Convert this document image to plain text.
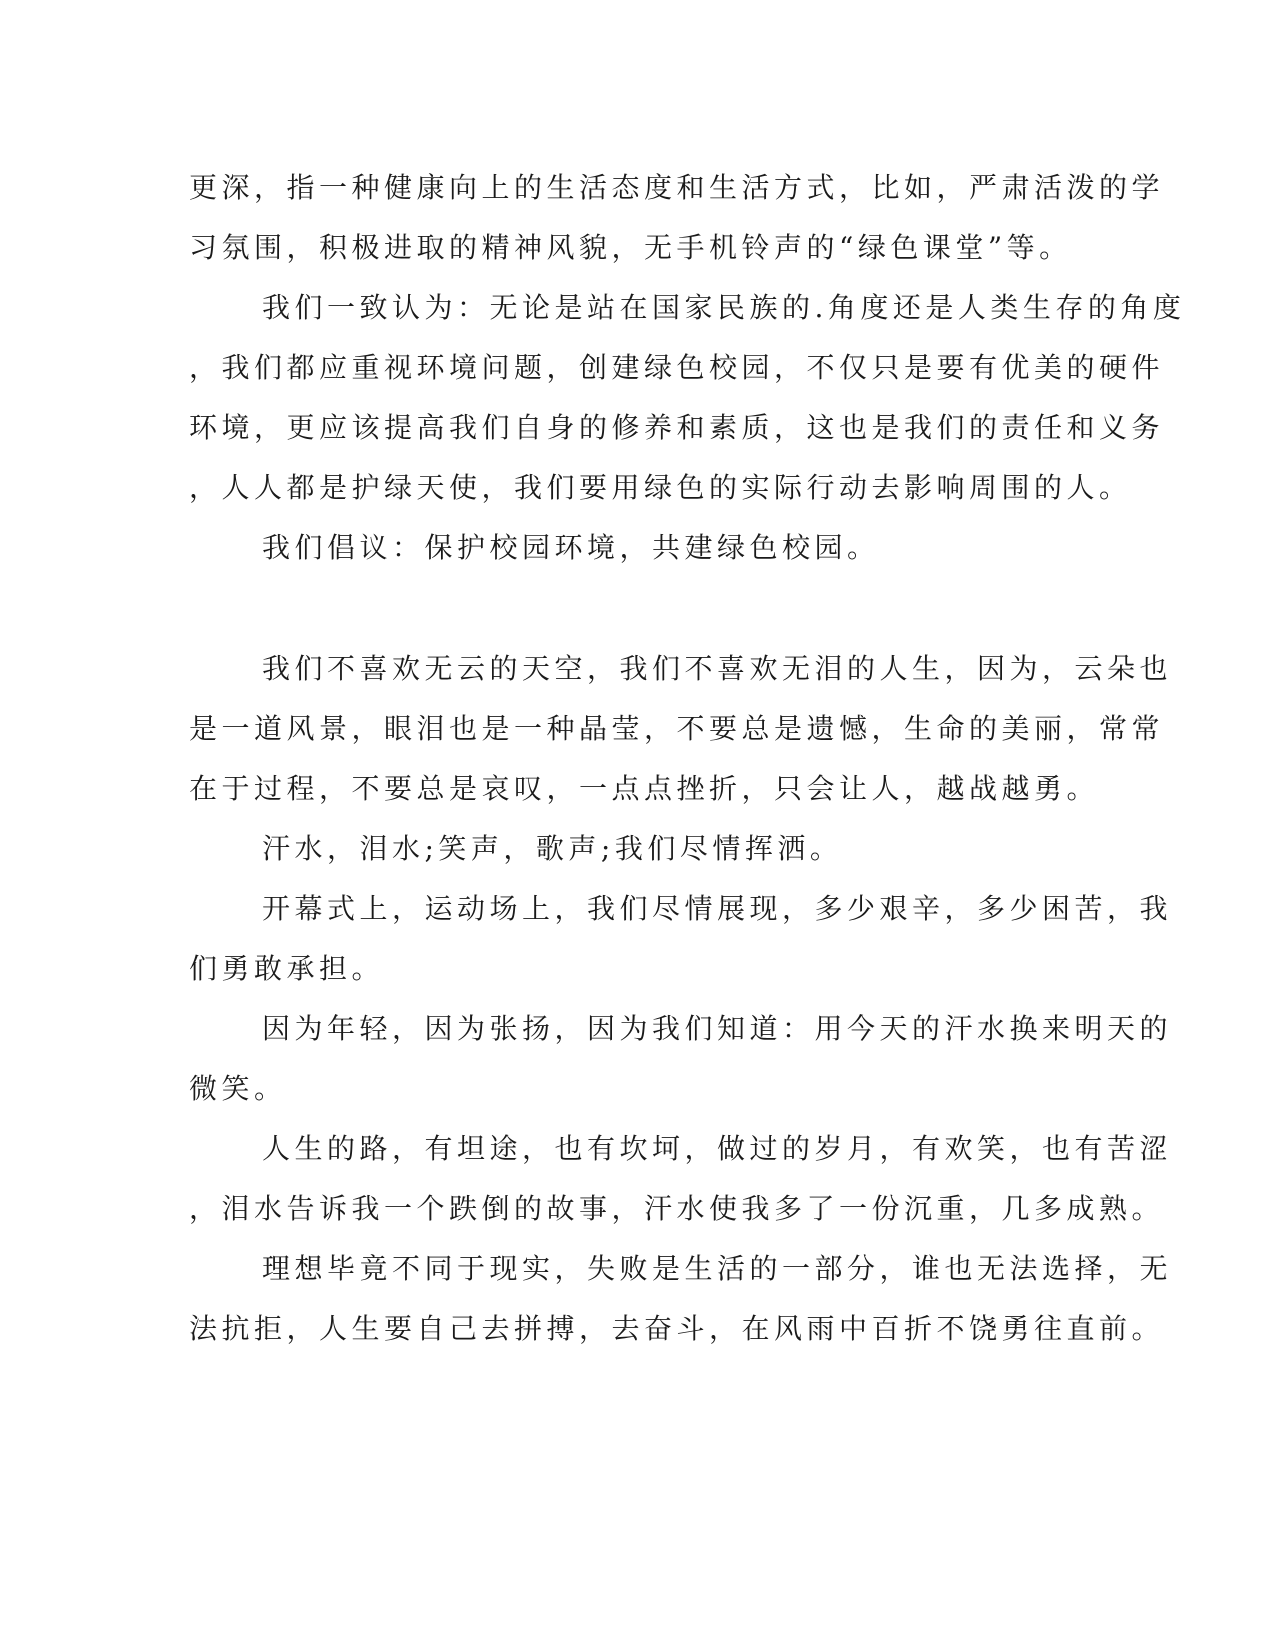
更深，指一种健康向上的生活态度和生活方式，比如，严肃活泼的学

习氛围，积极进取的精神风貌，无手机铃声的“绿色课堂”等。

我们一致认为：无论是站在国家民族的.角度还是人类生存的角度

，我们都应重视环境问题，创建绿色校园，不仅只是要有优美的硬件

环境，更应该提高我们自身的修养和素质，这也是我们的责任和义务

，人人都是护绿天使，我们要用绿色的实际行动去影响周围的人。

我们倡议：保护校园环境，共建绿色校园。

我们不喜欢无云的天空，我们不喜欢无泪的人生，因为，云朵也

是一道风景，眼泪也是一种晶莹，不要总是遗憾，生命的美丽，常常

在于过程，不要总是哀叹，一点点挫折，只会让人，越战越勇。

汗水，泪水;笑声，歌声;我们尽情挥洒。

开幕式上，运动场上，我们尽情展现，多少艰辛，多少困苦，我

们勇敢承担。

因为年轻，因为张扬，因为我们知道：用今天的汗水换来明天的

微笑。

人生的路，有坦途，也有坎坷，做过的岁月，有欢笑，也有苦涩

，泪水告诉我一个跌倒的故事，汗水使我多了一份沉重，几多成熟。

理想毕竟不同于现实，失败是生活的一部分，谁也无法选择，无

法抗拒，人生要自己去拼搏，去奋斗，在风雨中百折不饶勇往直前。
